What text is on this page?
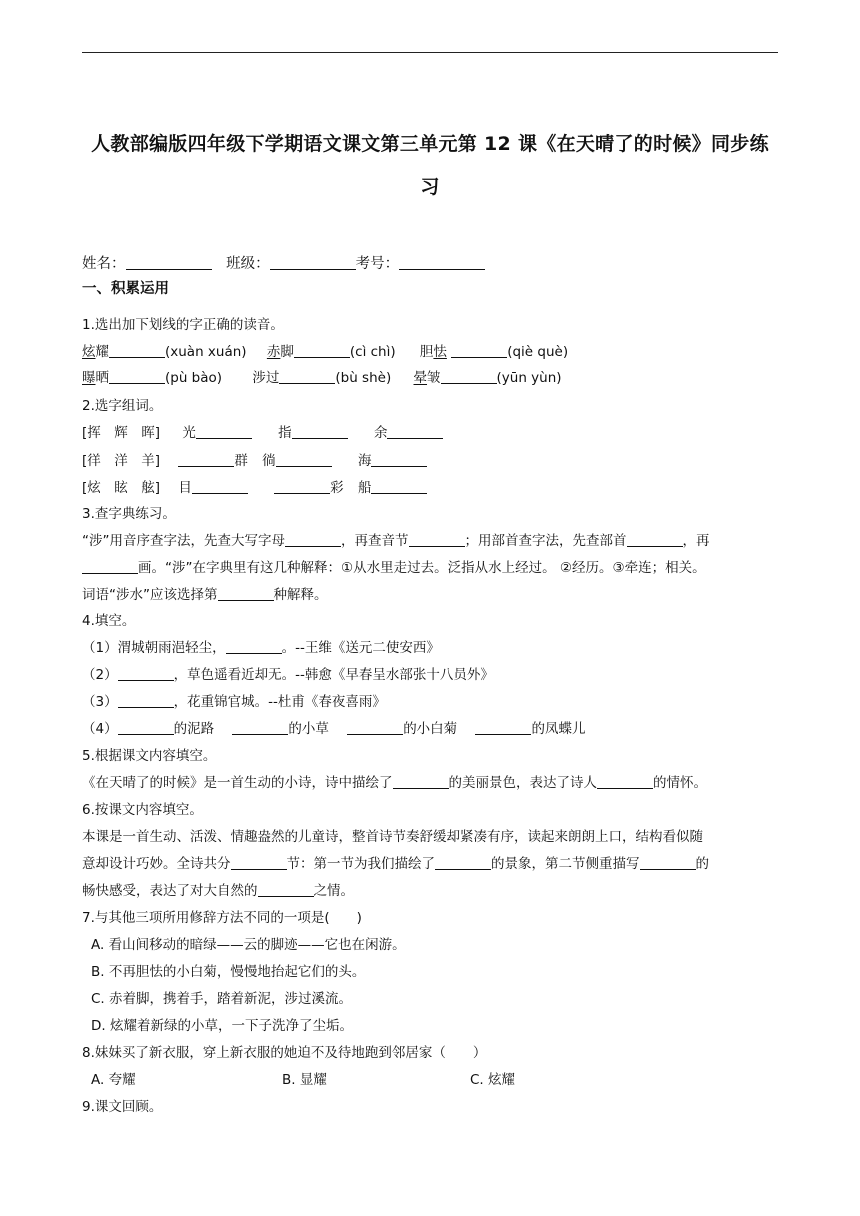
人教部编版四年级下学期语文课文第三单元第 12 课《在天晴了的时候》同步练
习
姓名：	班级：	考号：
一、积累运用
1.选出加下划线的字正确的读音。
炫耀	(xuàn xuán) 赤脚	(cì chì) 胆怯	(qiè què)
曝晒	(pù bào) 涉过	(bù shè) 晕皱	(yūn yùn)
2.选字组词。
[挥　辉　晖] 光	指	余
[徉　洋　羊]	群 徜	海
[炫　眩　舷] 目	彩 船
3.查字典练习。
“涉”用音序查字法，先查大写字母	，再查音节	；用部首查字法，先查部首	，再
画。“涉”在字典里有这几种解释：①从水里走过去。泛指从水上经过。 ②经历。③牵连；相关。
词语“涉水”应该选择第	种解释。
4.填空。
（1）渭城朝雨浥轻尘，	。--王维《送元二使安西》
（2）	，草色遥看近却无。--韩愈《早春呈水部张十八员外》
（3）	，花重锦官城。--杜甫《春夜喜雨》
（4）	的泥路	的小草	的小白菊	的凤蝶儿
5.根据课文内容填空。
《在天晴了的时候》是一首生动的小诗，诗中描绘了	的美丽景色，表达了诗人	的情怀。
6.按课文内容填空。
本课是一首生动、活泼、情趣盎然的儿童诗，整首诗节奏舒缓却紧凑有序，读起来朗朗上口，结构看似随
意却设计巧妙。全诗共分	节：第一节为我们描绘了	的景象，第二节侧重描写	的
畅快感受，表达了对大自然的	之情。
7.与其他三项所用修辞方法不同的一项是(　　)
A. 看山间移动的暗绿——云的脚迹——它也在闲游。
B. 不再胆怯的小白菊，慢慢地抬起它们的头。
C. 赤着脚，携着手，踏着新泥，涉过溪流。
D. 炫耀着新绿的小草，一下子洗净了尘垢。
8.妹妹买了新衣服，穿上新衣服的她迫不及待地跑到邻居家（　　）
A. 夸耀	B. 显耀	C. 炫耀
9.课文回顾。
